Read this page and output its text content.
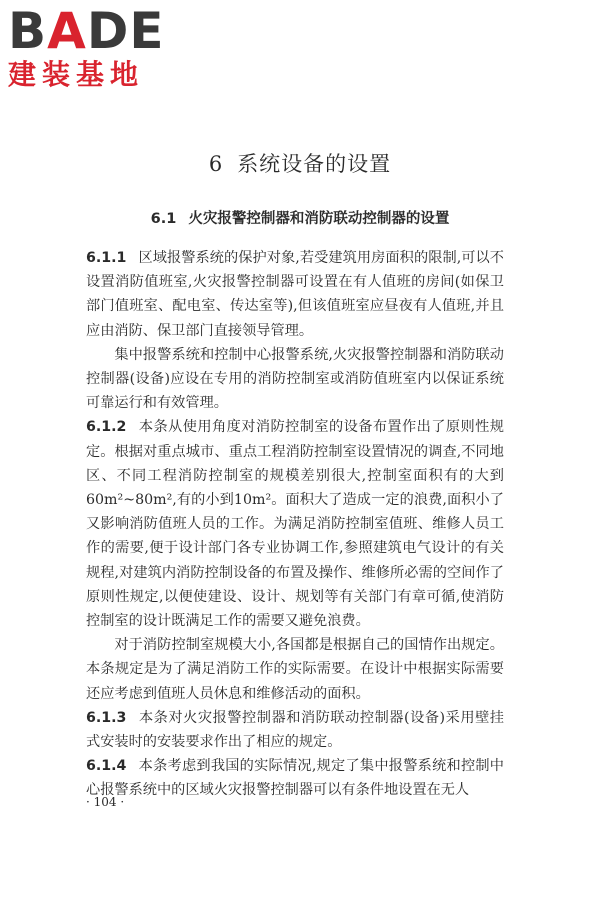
BADE
建装基地
6 系统设备的设置
6.1 火灾报警控制器和消防联动控制器的设置

6.1.1 区域报警系统的保护对象,若受建筑用房面积的限制,可以不设置消防值班室,火灾报警控制器可设置在有人值班的房间(如保卫部门值班室、配电室、传达室等),但该值班室应昼夜有人值班,并且应由消防、保卫部门直接领导管理。

集中报警系统和控制中心报警系统,火灾报警控制器和消防联动控制器(设备)应设在专用的消防控制室或消防值班室内以保证系统可靠运行和有效管理。

6.1.2 本条从使用角度对消防控制室的设备布置作出了原则性规定。根据对重点城市、重点工程消防控制室设置情况的调查,不同地区、不同工程消防控制室的规模差别很大,控制室面积有的大到60m²~80m²,有的小到10m²。面积大了造成一定的浪费,面积小了又影响消防值班人员的工作。为满足消防控制室值班、维修人员工作的需要,便于设计部门各专业协调工作,参照建筑电气设计的有关规程,对建筑内消防控制设备的布置及操作、维修所必需的空间作了原则性规定,以便使建设、设计、规划等有关部门有章可循,使消防控制室的设计既满足工作的需要又避免浪费。

对于消防控制室规模大小,各国都是根据自己的国情作出规定。本条规定是为了满足消防工作的实际需要。在设计中根据实际需要还应考虑到值班人员休息和维修活动的面积。

6.1.3 本条对火灾报警控制器和消防联动控制器(设备)采用壁挂式安装时的安装要求作出了相应的规定。

6.1.4 本条考虑到我国的实际情况,规定了集中报警系统和控制中心报警系统中的区域火灾报警控制器可以有条件地设置在无人

· 104 ·
